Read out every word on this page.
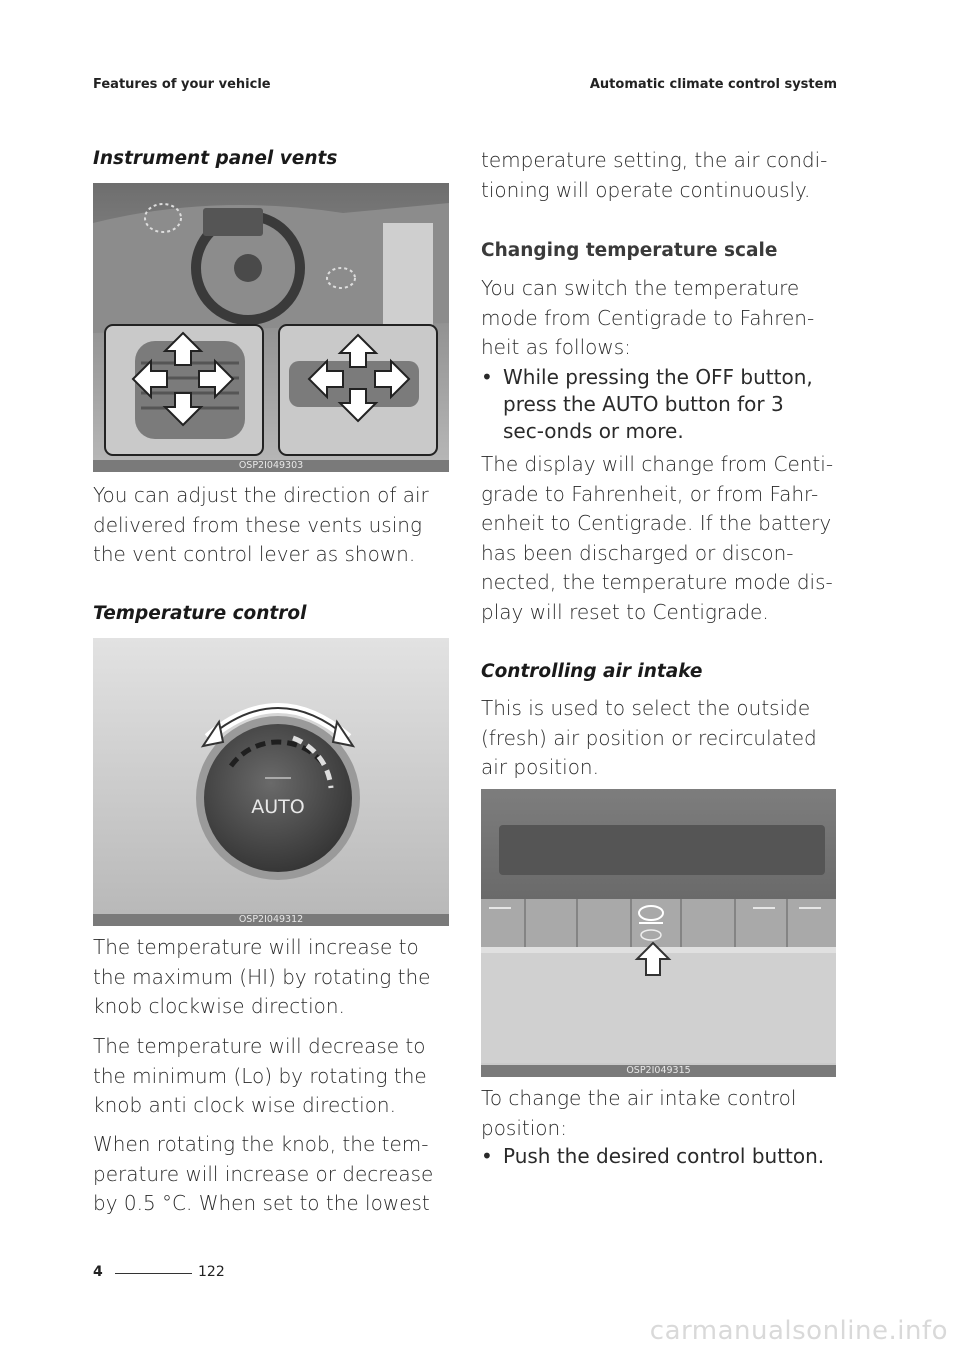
Features of your vehicle	Automatic climate control system
Instrument panel vents
OSP2I049303
You can adjust the direction of air delivered from these vents using the vent control lever as shown.
Temperature control
AUTO
OSP2I049312
The temperature will increase to the maximum (HI) by rotating the knob clockwise direction.
The temperature will decrease to the minimum (Lo) by rotating the knob anti clock wise direction.
When rotating the knob, the tem-perature will increase or decrease by 0.5 °C. When set to the lowest
temperature setting, the air condi-tioning will operate continuously.
Changing temperature scale
You can switch the temperature mode from Centigrade to Fahren-heit as follows:
• While pressing the OFF button, press the AUTO button for 3 sec-onds or more.
The display will change from Centi-grade to Fahrenheit, or from Fahr-enheit to Centigrade. If the battery has been discharged or discon-nected, the temperature mode dis-play will reset to Centigrade.
Controlling air intake
This is used to select the outside (fresh) air position or recirculated air position.
OSP2I049315
To change the air intake control position:
• Push the desired control button.
4	122
carmanualsonline.info
